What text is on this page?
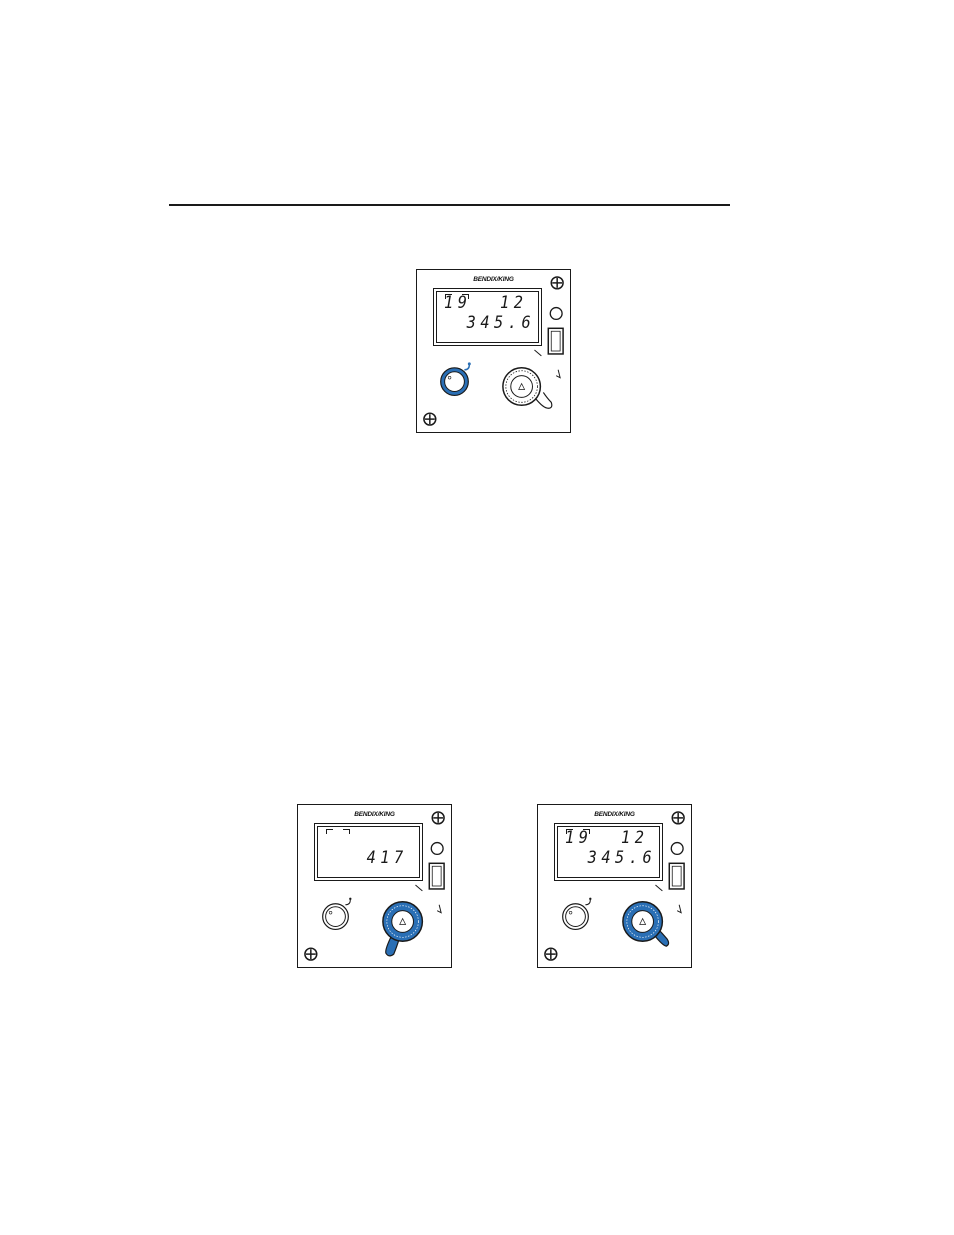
BENDIX/KING
19 12
345.6
BENDIX/KING
417
BENDIX/KING
19 12
345.6
